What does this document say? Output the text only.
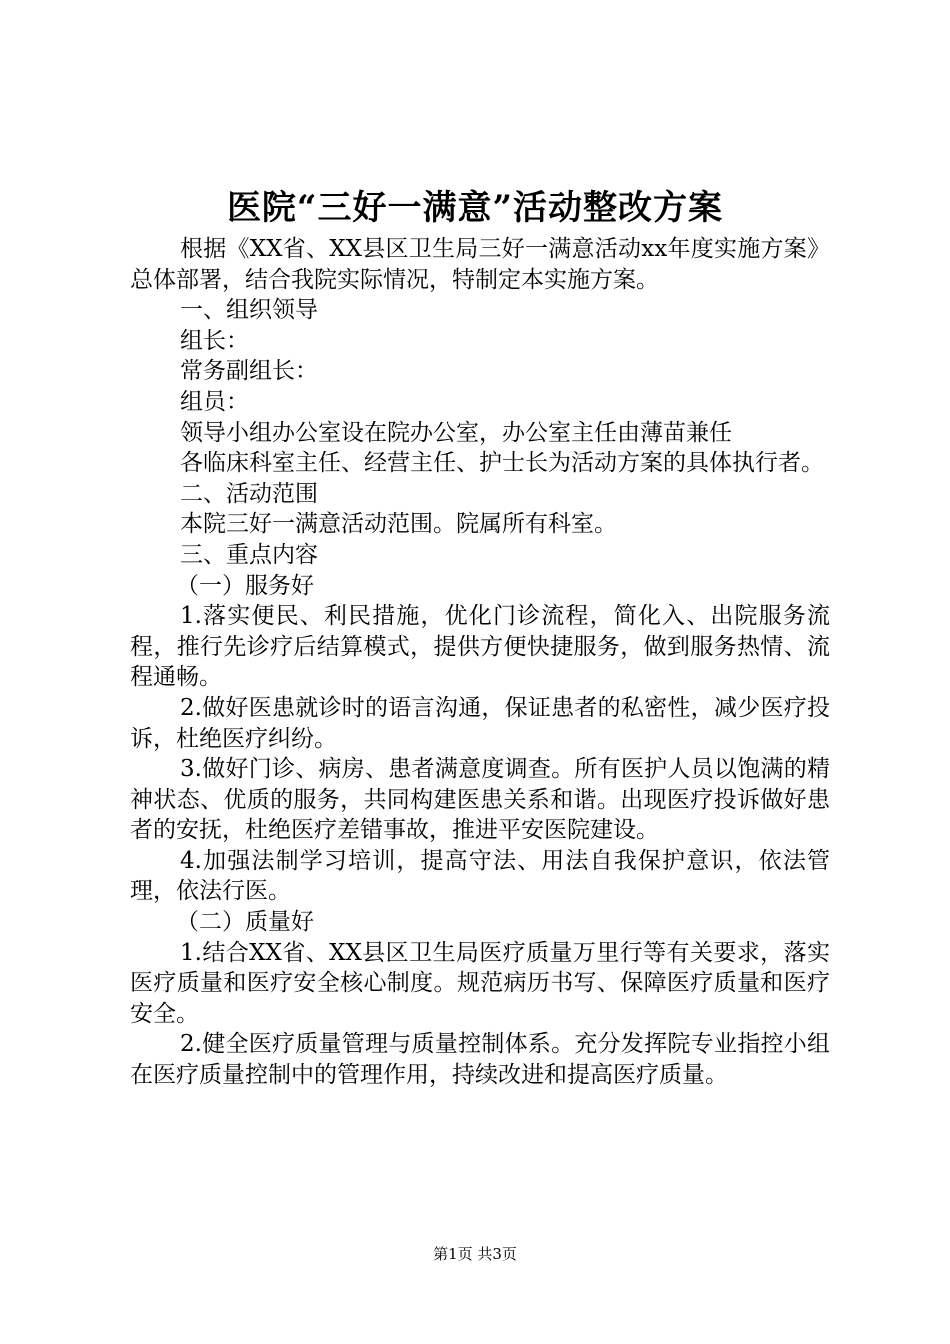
医院“三好一满意”活动整改方案

根据《XX省、XX县区卫生局三好一满意活动xx年度实施方案》总体部署，结合我院实际情况，特制定本实施方案。

一、组织领导

组长：

常务副组长：

组员：

领导小组办公室设在院办公室，办公室主任由薄苗兼任

各临床科室主任、经营主任、护士长为活动方案的具体执行者。

二、活动范围

本院三好一满意活动范围。院属所有科室。

三、重点内容

（一）服务好

1.落实便民、利民措施，优化门诊流程，简化入、出院服务流程，推行先诊疗后结算模式，提供方便快捷服务，做到服务热情、流程通畅。

2.做好医患就诊时的语言沟通，保证患者的私密性，减少医疗投诉，杜绝医疗纠纷。

3.做好门诊、病房、患者满意度调查。所有医护人员以饱满的精神状态、优质的服务，共同构建医患关系和谐。出现医疗投诉做好患者的安抚，杜绝医疗差错事故，推进平安医院建设。

4.加强法制学习培训，提高守法、用法自我保护意识，依法管理，依法行医。

（二）质量好

1.结合XX省、XX县区卫生局医疗质量万里行等有关要求，落实医疗质量和医疗安全核心制度。规范病历书写、保障医疗质量和医疗安全。

2.健全医疗质量管理与质量控制体系。充分发挥院专业指控小组在医疗质量控制中的管理作用，持续改进和提高医疗质量。

第1页 共3页
